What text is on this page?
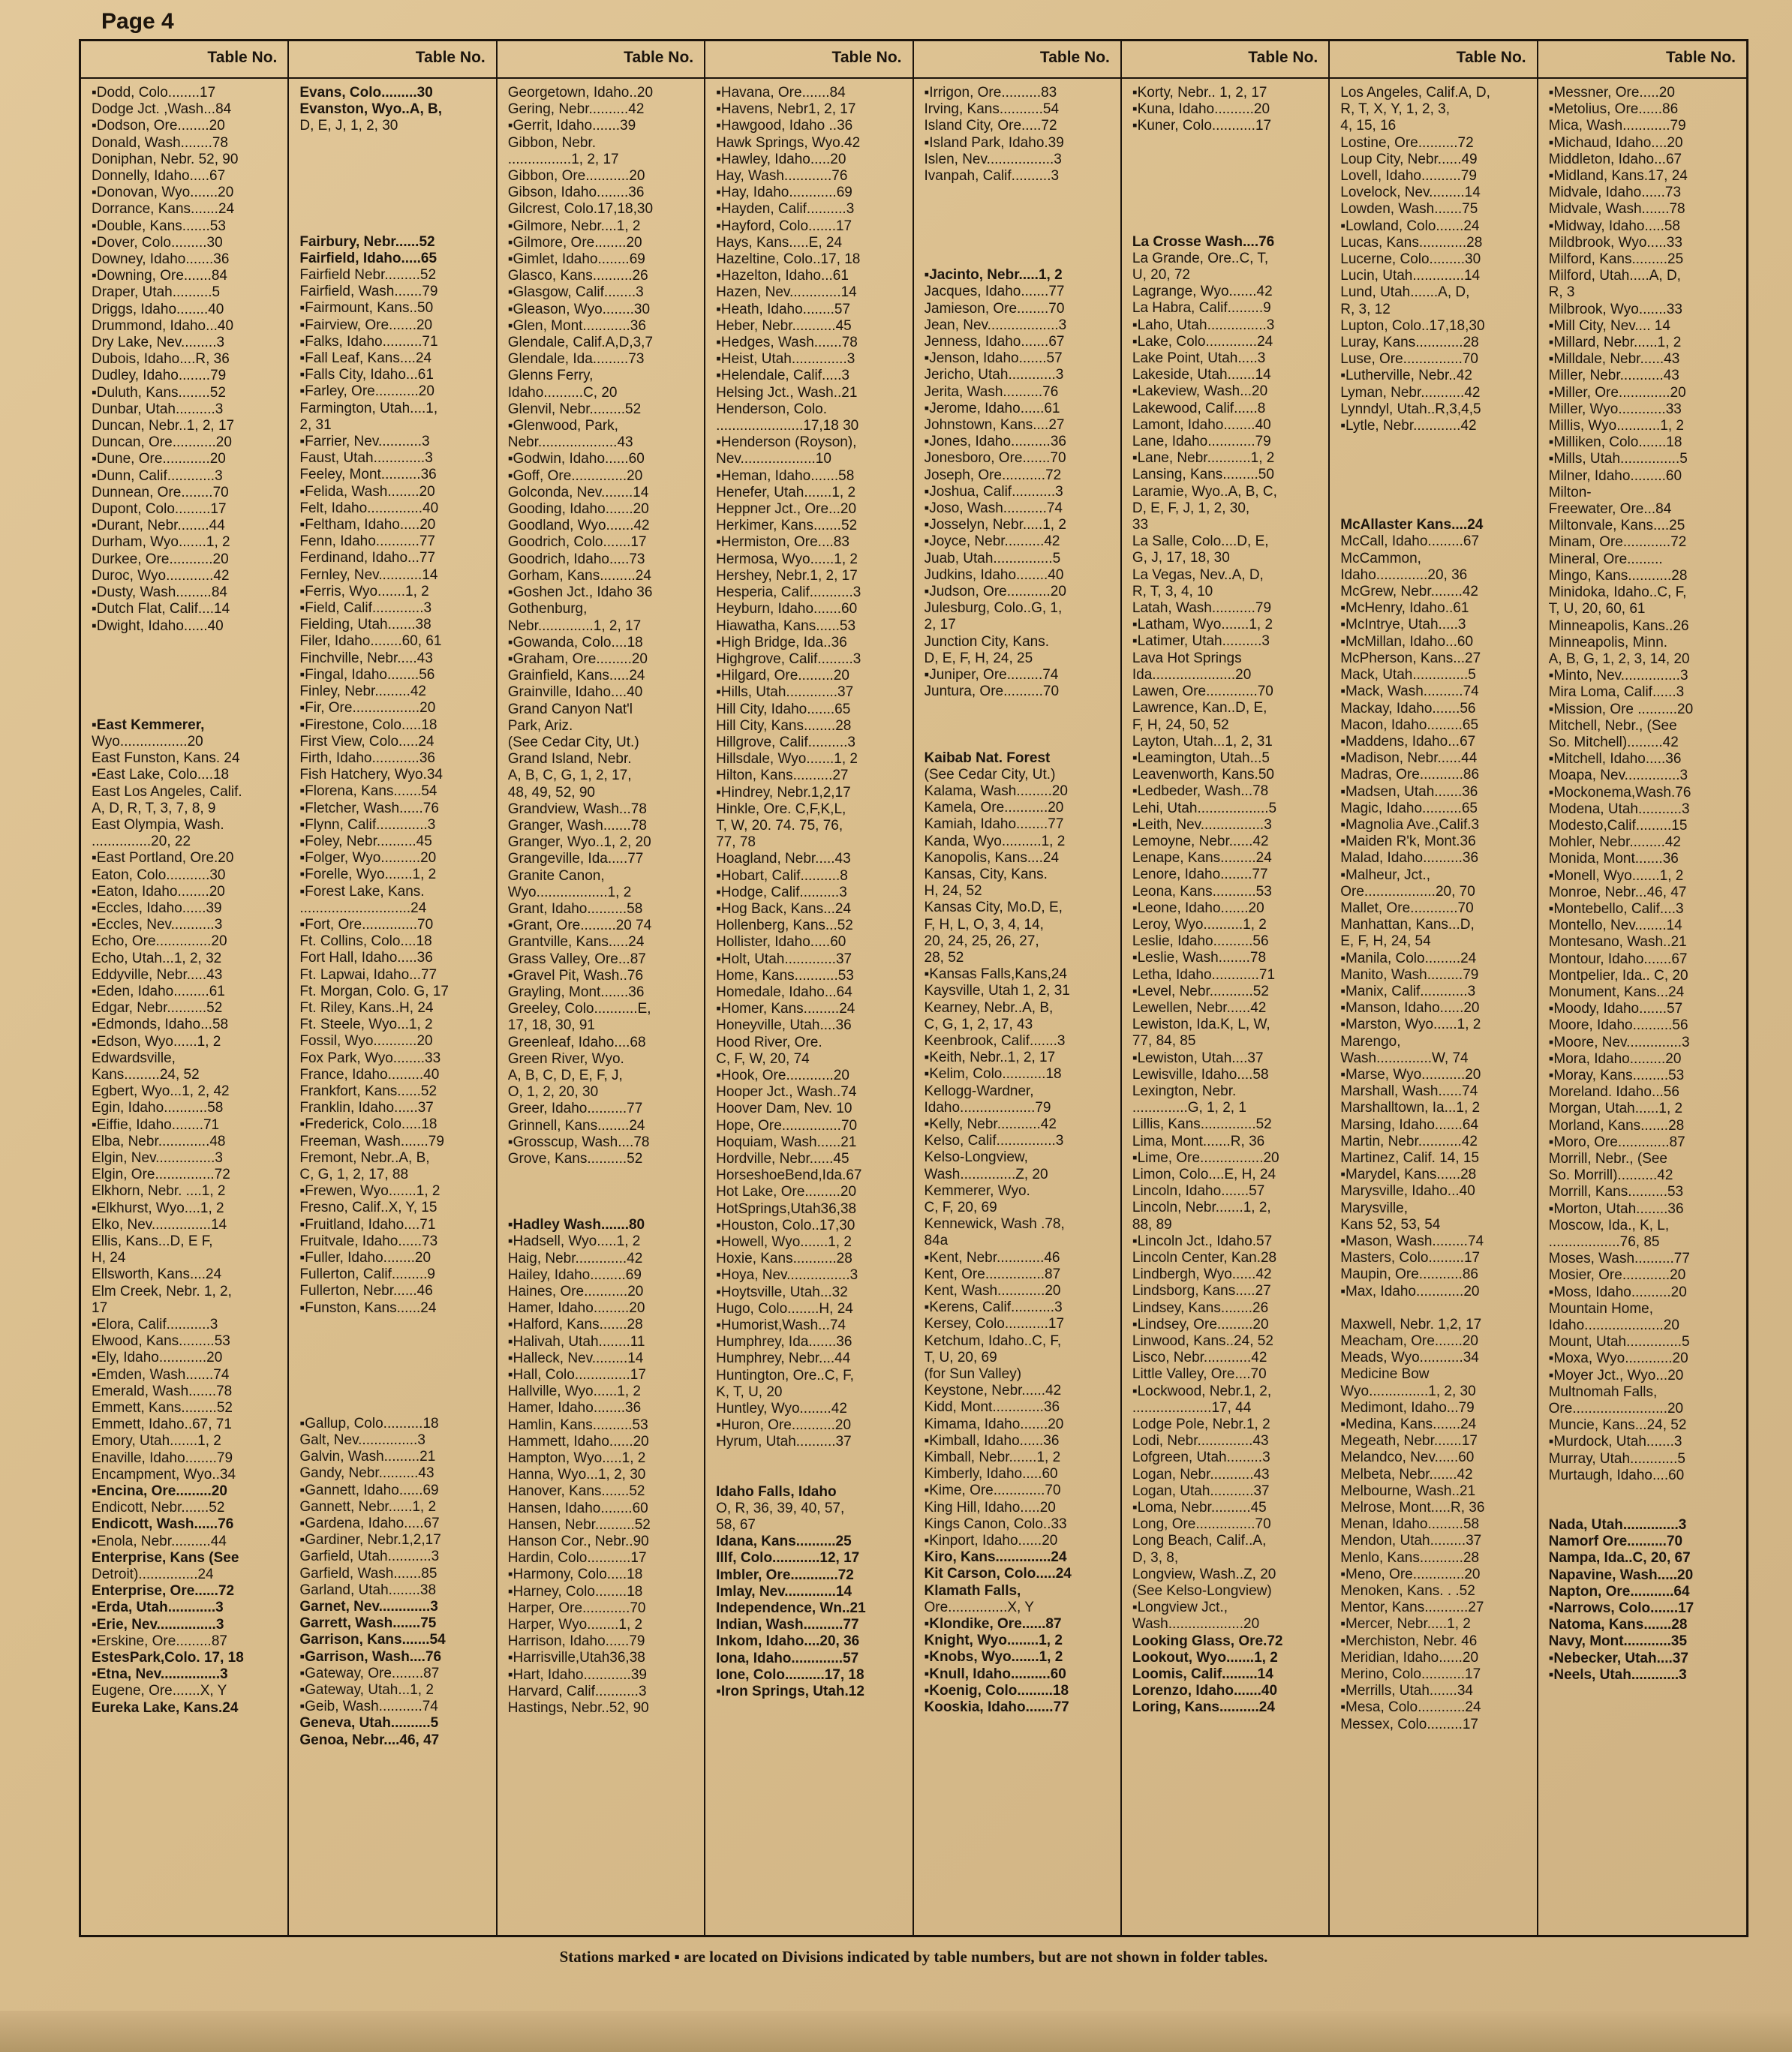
Page 4
Table No.
▪Dodd, Colo........17
Dodge Jct. ,Wash...84
▪Dodson, Ore........20
Donald, Wash........78
Doniphan, Nebr. 52, 90
Donnelly, Idaho.....67
▪Donovan, Wyo.......20
Dorrance, Kans.......24
▪Double, Kans.......53
▪Dover, Colo.........30
Downey, Idaho.......36
▪Downing, Ore.......84
Draper, Utah..........5
Driggs, Idaho........40
Drummond, Idaho...40
Dry Lake, Nev.........3
Dubois, Idaho....R, 36
Dudley, Idaho........79
▪Duluth, Kans........52
Dunbar, Utah..........3
Duncan, Nebr..1, 2, 17
Duncan, Ore...........20
▪Dune, Ore............20
▪Dunn, Calif............3
Dunnean, Ore........70
Dupont, Colo.........17
▪Durant, Nebr........44
Durham, Wyo.......1, 2
Durkee, Ore...........20
Duroc, Wyo............42
▪Dusty, Wash.........84
▪Dutch Flat, Calif....14
▪Dwight, Idaho......40
▪East Kemmerer,
Wyo.................20
East Funston, Kans. 24
▪East Lake, Colo....18
East Los Angeles, Calif.
A, D, R, T, 3, 7, 8, 9
East Olympia, Wash.
...............20, 22
▪East Portland, Ore.20
Eaton, Colo...........30
▪Eaton, Idaho........20
▪Eccles, Idaho......39
▪Eccles, Nev...........3
Echo, Ore..............20
Echo, Utah...1, 2, 32
Eddyville, Nebr.....43
▪Eden, Idaho.........61
Edgar, Nebr..........52
▪Edmonds, Idaho...58
▪Edson, Wyo......1, 2
Edwardsville,
Kans.........24, 52
Egbert, Wyo...1, 2, 42
Egin, Idaho...........58
▪Eiffie, Idaho........71
Elba, Nebr.............48
Elgin, Nev...............3
Elgin, Ore...............72
Elkhorn, Nebr. ....1, 2
▪Elkhurst, Wyo....1, 2
Elko, Nev...............14
Ellis, Kans...D, E F,
H, 24
Ellsworth, Kans....24
Elm Creek, Nebr. 1, 2,
17
▪Elora, Calif...........3
Elwood, Kans.........53
▪Ely, Idaho............20
▪Emden, Wash.......74
Emerald, Wash.......78
Emmett, Kans.........52
Emmett, Idaho..67, 71
Emory, Utah.......1, 2
Enaville, Idaho........79
Encampment, Wyo..34
▪Encina, Ore.........20
Endicott, Nebr.......52
Endicott, Wash......76
▪Enola, Nebr..........44
Enterprise, Kans (See
Detroit)...............24
Enterprise, Ore......72
▪Erda, Utah............3
▪Erie, Nev...............3
▪Erskine, Ore.........87
EstesPark,Colo. 17, 18
▪Etna, Nev...............3
Eugene, Ore.......X, Y
Eureka Lake, Kans.24
Table No.
Evans, Colo.........30
Evanston, Wyo..A, B,
D, E, J, 1, 2, 30
Fairbury, Nebr......52
Fairfield, Idaho.....65
Fairfield Nebr.........52
Fairfield, Wash.......79
▪Fairmount, Kans..50
▪Fairview, Ore.......20
▪Falks, Idaho..........71
▪Fall Leaf, Kans....24
▪Falls City, Idaho...61
▪Farley, Ore...........20
Farmington, Utah....1,
2, 31
▪Farrier, Nev...........3
Faust, Utah.............3
Feeley, Mont..........36
▪Felida, Wash........20
Felt, Idaho..............40
▪Feltham, Idaho.....20
Fenn, Idaho...........77
Ferdinand, Idaho...77
Fernley, Nev...........14
▪Ferris, Wyo.......1, 2
▪Field, Calif.............3
Fielding, Utah.......38
Filer, Idaho........60, 61
Finchville, Nebr.....43
▪Fingal, Idaho........56
Finley, Nebr.........42
▪Fir, Ore.................20
▪Firestone, Colo.....18
First View, Colo.....24
Firth, Idaho............36
Fish Hatchery, Wyo.34
▪Florena, Kans.......54
▪Fletcher, Wash......76
▪Flynn, Calif.............3
▪Foley, Nebr..........45
▪Folger, Wyo..........20
▪Forelle, Wyo.......1, 2
▪Forest Lake, Kans.
............................24
▪Fort, Ore..............70
Ft. Collins, Colo....18
Fort Hall, Idaho.....36
Ft. Lapwai, Idaho...77
Ft. Morgan, Colo. G, 17
Ft. Riley, Kans..H, 24
Ft. Steele, Wyo...1, 2
Fossil, Wyo...........20
Fox Park, Wyo........33
France, Idaho.........40
Frankfort, Kans......52
Franklin, Idaho......37
▪Frederick, Colo.....18
Freeman, Wash.......79
Fremont, Nebr..A, B,
C, G, 1, 2, 17, 88
▪Frewen, Wyo.......1, 2
Fresno, Calif..X, Y, 15
▪Fruitland, Idaho....71
Fruitvale, Idaho......73
▪Fuller, Idaho........20
Fullerton, Calif.........9
Fullerton, Nebr......46
▪Funston, Kans......24
▪Gallup, Colo..........18
Galt, Nev...............3
Galvin, Wash.........21
Gandy, Nebr..........43
▪Gannett, Idaho......69
Gannett, Nebr......1, 2
▪Gardena, Idaho.....67
▪Gardiner, Nebr.1,2,17
Garfield, Utah...........3
Garfield, Wash.......85
Garland, Utah........38
Garnet, Nev.............3
Garrett, Wash.......75
Garrison, Kans.......54
▪Garrison, Wash....76
▪Gateway, Ore........87
▪Gateway, Utah...1, 2
▪Geib, Wash...........74
Geneva, Utah..........5
Genoa, Nebr....46, 47
Table No.
Georgetown, Idaho..20
Gering, Nebr..........42
▪Gerrit, Idaho.......39
Gibbon, Nebr.
................1, 2, 17
Gibbon, Ore...........20
Gibson, Idaho........36
Gilcrest, Colo.17,18,30
▪Gilmore, Nebr....1, 2
▪Gilmore, Ore........20
▪Gimlet, Idaho........69
Glasco, Kans..........26
▪Glasgow, Calif........3
▪Gleason, Wyo........30
▪Glen, Mont............36
Glendale, Calif.A,D,3,7
Glendale, Ida.........73
Glenns Ferry,
Idaho..........C, 20
Glenvil, Nebr.........52
▪Glenwood, Park,
Nebr....................43
▪Godwin, Idaho......60
▪Goff, Ore..............20
Golconda, Nev........14
Gooding, Idaho.......20
Goodland, Wyo.......42
Goodrich, Colo.......17
Goodrich, Idaho.....73
Gorham, Kans.........24
▪Goshen Jct., Idaho 36
Gothenburg,
Nebr..............1, 2, 17
▪Gowanda, Colo....18
▪Graham, Ore.........20
Grainfield, Kans.....24
Grainville, Idaho....40
Grand Canyon Nat'l
Park, Ariz.
(See Cedar City, Ut.)
Grand Island, Nebr.
A, B, C, G, 1, 2, 17,
48, 49, 52, 90
Grandview, Wash...78
Granger, Wash.......78
Granger, Wyo..1, 2, 20
Grangeville, Ida.....77
Granite Canon,
Wyo..................1, 2
Grant, Idaho..........58
▪Grant, Ore.........20 74
Grantville, Kans.....24
Grass Valley, Ore...87
▪Gravel Pit, Wash..76
Grayling, Mont.......36
Greeley, Colo...........E,
17, 18, 30, 91
Greenleaf, Idaho....68
Green River, Wyo.
A, B, C, D, E, F, J,
O, 1, 2, 20, 30
Greer, Idaho..........77
Grinnell, Kans........24
▪Grosscup, Wash....78
Grove, Kans..........52
▪Hadley Wash.......80
▪Hadsell, Wyo.....1, 2
Haig, Nebr.............42
Hailey, Idaho.........69
Haines, Ore...........20
Hamer, Idaho.........20
▪Halford, Kans.......28
▪Halivah, Utah........11
▪Halleck, Nev.........14
▪Hall, Colo..............17
Hallville, Wyo......1, 2
Hamer, Idaho........36
Hamlin, Kans..........53
Hammett, Idaho......20
Hampton, Wyo.....1, 2
Hanna, Wyo...1, 2, 30
Hanover, Kans.......52
Hansen, Idaho........60
Hansen, Nebr..........52
Hanson Cor., Nebr..90
Hardin, Colo...........17
▪Harmony, Colo.....18
▪Harney, Colo........18
Harper, Ore............70
Harper, Wyo........1, 2
Harrison, Idaho......79
▪Harrisville,Utah36,38
▪Hart, Idaho............39
Harvard, Calif...........3
Hastings, Nebr..52, 90
Table No.
▪Havana, Ore.......84
▪Havens, Nebr1, 2, 17
▪Hawgood, Idaho ..36
Hawk Springs, Wyo.42
▪Hawley, Idaho.....20
Hay, Wash............76
▪Hay, Idaho............69
▪Hayden, Calif..........3
▪Hayford, Colo.......17
Hays, Kans.....E, 24
Hazeltine, Colo..17, 18
▪Hazelton, Idaho...61
Hazen, Nev.............14
▪Heath, Idaho........57
Heber, Nebr...........45
▪Hedges, Wash.......78
▪Heist, Utah..............3
▪Helendale, Calif.....3
Helsing Jct., Wash..21
Henderson, Colo.
......................17,18 30
▪Henderson (Royson),
Nev...................10
▪Heman, Idaho.......58
Henefer, Utah.......1, 2
Heppner Jct., Ore...20
Herkimer, Kans.......52
▪Hermiston, Ore....83
Hermosa, Wyo......1, 2
Hershey, Nebr.1, 2, 17
Hesperia, Calif...........3
Heyburn, Idaho.......60
Hiawatha, Kans......53
▪High Bridge, Ida..36
Highgrove, Calif.........3
▪Hilgard, Ore.........20
▪Hills, Utah.............37
Hill City, Idaho.......65
Hill City, Kans........28
Hillgrove, Calif..........3
Hillsdale, Wyo.......1, 2
Hilton, Kans..........27
▪Hindrey, Nebr.1,2,17
Hinkle, Ore. C,F,K,L,
T, W, 20. 74. 75, 76,
77, 78
Hoagland, Nebr.....43
▪Hobart, Calif..........8
▪Hodge, Calif..........3
▪Hog Back, Kans...24
Hollenberg, Kans...52
Hollister, Idaho.....60
▪Holt, Utah.............37
Home, Kans...........53
Homedale, Idaho...64
▪Homer, Kans.........24
Honeyville, Utah....36
Hood River, Ore.
C, F, W, 20, 74
▪Hook, Ore............20
Hooper Jct., Wash..74
Hoover Dam, Nev. 10
Hope, Ore...............70
Hoquiam, Wash......21
Hordville, Nebr......45
HorseshoeBend,Ida.67
Hot Lake, Ore.........20
HotSprings,Utah36,38
▪Houston, Colo..17,30
▪Howell, Wyo.......1, 2
Hoxie, Kans...........28
▪Hoya, Nev................3
▪Hoytsville, Utah...32
Hugo, Colo........H, 24
▪Humorist,Wash...74
Humphrey, Ida.......36
Humphrey, Nebr....44
Huntington, Ore..C, F,
K, T, U, 20
Huntley, Wyo........42
▪Huron, Ore...........20
Hyrum, Utah..........37
Idaho Falls, Idaho
O, R, 36, 39, 40, 57,
58, 67
Idana, Kans..........25
Illf, Colo............12, 17
Imbler, Ore............72
Imlay, Nev.............14
Independence, Wn..21
Indian, Wash..........77
Inkom, Idaho....20, 36
Iona, Idaho.............57
Ione, Colo..........17, 18
▪Iron Springs, Utah.12
Table No.
▪Irrigon, Ore..........83
Irving, Kans...........54
Island City, Ore.....72
▪Island Park, Idaho.39
Islen, Nev.................3
Ivanpah, Calif..........3
▪Jacinto, Nebr.....1, 2
Jacques, Idaho.......77
Jamieson, Ore........70
Jean, Nev..................3
Jenness, Idaho.......67
▪Jenson, Idaho.......57
Jericho, Utah............3
Jerita, Wash..........76
▪Jerome, Idaho......61
Johnstown, Kans....27
▪Jones, Idaho..........36
Jonesboro, Ore.......70
Joseph, Ore...........72
▪Joshua, Calif...........3
▪Joso, Wash...........74
▪Josselyn, Nebr.....1, 2
▪Joyce, Nebr..........42
Juab, Utah...............5
Judkins, Idaho........40
▪Judson, Ore...........20
Julesburg, Colo..G, 1,
2, 17
Junction City, Kans.
D, E, F, H, 24, 25
▪Juniper, Ore.........74
Juntura, Ore..........70
Kaibab Nat. Forest
(See Cedar City, Ut.)
Kalama, Wash.........20
Kamela, Ore...........20
Kamiah, Idaho........77
Kanda, Wyo..........1, 2
Kanopolis, Kans....24
Kansas, City, Kans.
H, 24, 52
Kansas City, Mo.D, E,
F, H, L, O, 3, 4, 14,
20, 24, 25, 26, 27,
28, 52
▪Kansas Falls,Kans,24
Kaysville, Utah 1, 2, 31
Kearney, Nebr..A, B,
C, G, 1, 2, 17, 43
Keenbrook, Calif.......3
▪Keith, Nebr..1, 2, 17
▪Kelim, Colo...........18
Kellogg-Wardner,
Idaho...................79
▪Kelly, Nebr...........42
Kelso, Calif...............3
Kelso-Longview,
Wash..............Z, 20
Kemmerer, Wyo.
C, F, 20, 69
Kennewick, Wash .78,
84a
▪Kent, Nebr............46
Kent, Ore...............87
Kent, Wash............20
▪Kerens, Calif...........3
Kersey, Colo...........17
Ketchum, Idaho..C, F,
T, U, 20, 69
(for Sun Valley)
Keystone, Nebr......42
Kidd, Mont.............36
Kimama, Idaho.......20
▪Kimball, Idaho......36
Kimball, Nebr.......1, 2
Kimberly, Idaho.....60
▪Kime, Ore.............70
King Hill, Idaho.....20
Kings Canon, Colo..33
▪Kinport, Idaho......20
Kiro, Kans..............24
Kit Carson, Colo.....24
Klamath Falls,
Ore...............X, Y
▪Klondike, Ore......87
Knight, Wyo........1, 2
▪Knobs, Wyo.......1, 2
▪Knull, Idaho..........60
▪Koenig, Colo.........18
Kooskia, Idaho.......77
Table No.
▪Korty, Nebr.. 1, 2, 17
▪Kuna, Idaho..........20
▪Kuner, Colo...........17
La Crosse Wash....76
La Grande, Ore..C, T,
U, 20, 72
Lagrange, Wyo.......42
La Habra, Calif.........9
▪Laho, Utah...............3
▪Lake, Colo.............24
Lake Point, Utah.....3
Lakeside, Utah.......14
▪Lakeview, Wash...20
Lakewood, Calif......8
Lamont, Idaho........40
Lane, Idaho............79
▪Lane, Nebr...........1, 2
Lansing, Kans.........50
Laramie, Wyo..A, B, C,
D, E, F, J, 1, 2, 30,
33
La Salle, Colo....D, E,
G, J, 17, 18, 30
La Vegas, Nev..A, D,
R, T, 3, 4, 10
Latah, Wash...........79
▪Latham, Wyo.......1, 2
▪Latimer, Utah..........3
Lava Hot Springs
Ida.....................20
Lawen, Ore.............70
Lawrence, Kan..D, E,
F, H, 24, 50, 52
Layton, Utah...1, 2, 31
▪Leamington, Utah...5
Leavenworth, Kans.50
▪Ledbeder, Wash...78
Lehi, Utah..................5
▪Leith, Nev................3
Lemoyne, Nebr......42
Lenape, Kans.........24
Lenore, Idaho........77
Leona, Kans...........53
▪Leone, Idaho.......20
Leroy, Wyo..........1, 2
Leslie, Idaho..........56
▪Leslie, Wash........78
Letha, Idaho............71
▪Level, Nebr...........52
Lewellen, Nebr......42
Lewiston, Ida.K, L, W,
77, 84, 85
▪Lewiston, Utah....37
Lewisville, Idaho....58
Lexington, Nebr.
..............G, 1, 2, 1
Lillis, Kans..............52
Lima, Mont.......R, 36
▪Lime, Ore................20
Limon, Colo....E, H, 24
Lincoln, Idaho.......57
Lincoln, Nebr.......1, 2,
88, 89
▪Lincoln Jct., Idaho.57
Lincoln Center, Kan.28
Lindbergh, Wyo......42
Lindsborg, Kans.....27
Lindsey, Kans........26
▪Lindsey, Ore.........20
Linwood, Kans..24, 52
Lisco, Nebr............42
Little Valley, Ore....70
▪Lockwood, Nebr.1, 2,
....................17, 44
Lodge Pole, Nebr.1, 2
Lodi, Nebr..............43
Lofgreen, Utah.........3
Logan, Nebr...........43
Logan, Utah...........37
▪Loma, Nebr..........45
Long, Ore...............70
Long Beach, Calif..A,
D, 3, 8,
Longview, Wash..Z, 20
(See Kelso-Longview)
▪Longview Jct.,
Wash...................20
Looking Glass, Ore.72
Lookout, Wyo.......1, 2
Loomis, Calif.........14
Lorenzo, Idaho.......40
Loring, Kans..........24
Table No.
Los Angeles, Calif.A, D,
R, T, X, Y, 1, 2, 3,
4, 15, 16
Lostine, Ore..........72
Loup City, Nebr......49
Lovell, Idaho..........79
Lovelock, Nev.........14
Lowden, Wash.......75
▪Lowland, Colo.......24
Lucas, Kans............28
Lucerne, Colo.........30
Lucin, Utah.............14
Lund, Utah.......A, D,
R, 3, 12
Lupton, Colo..17,18,30
Luray, Kans............28
Luse, Ore...............70
▪Lutherville, Nebr..42
Lyman, Nebr...........42
Lynndyl, Utah..R,3,4,5
▪Lytle, Nebr............42
McAllaster Kans....24
McCall, Idaho.........67
McCammon,
Idaho.............20, 36
McGrew, Nebr........42
▪McHenry, Idaho..61
▪McIntrye, Utah.....3
▪McMillan, Idaho...60
McPherson, Kans...27
Mack, Utah..............5
▪Mack, Wash..........74
Mackay, Idaho.......56
Macon, Idaho.........65
▪Maddens, Idaho...67
▪Madison, Nebr......44
Madras, Ore...........86
▪Madsen, Utah.......36
Magic, Idaho..........65
▪Magnolia Ave.,Calif.3
▪Maiden R'k, Mont.36
Malad, Idaho..........36
▪Malheur, Jct.,
Ore..................20, 70
Mallet, Ore............70
Manhattan, Kans...D,
E, F, H, 24, 54
▪Manila, Colo.........24
Manito, Wash.........79
▪Manix, Calif............3
▪Manson, Idaho......20
▪Marston, Wyo......1, 2
Marengo,
Wash..............W, 74
▪Marse, Wyo...........20
Marshall, Wash......74
Marshalltown, Ia...1, 2
Marsing, Idaho.......64
Martin, Nebr...........42
Martinez, Calif. 14, 15
▪Marydel, Kans......28
Marysville, Idaho...40
Marysville,
Kans 52, 53, 54
▪Mason, Wash.........74
Masters, Colo.........17
Maupin, Ore...........86
▪Max, Idaho............20
Maxwell, Nebr. 1,2, 17
Meacham, Ore.......20
Meads, Wyo...........34
Medicine Bow
Wyo...............1, 2, 30
Medimont, Idaho...79
▪Medina, Kans.......24
Megeath, Nebr.......17
Melandco, Nev......60
Melbeta, Nebr.......42
Melbourne, Wash..21
Melrose, Mont.....R, 36
Menan, Idaho.........58
Mendon, Utah.........37
Menlo, Kans...........28
▪Meno, Ore.............20
Menoken, Kans. . .52
Mentor, Kans...........27
▪Mercer, Nebr.....1, 2
▪Merchiston, Nebr. 46
Meridian, Idaho......20
Merino, Colo...........17
▪Merrills, Utah.......34
▪Mesa, Colo............24
Messex, Colo.........17
Table No.
▪Messner, Ore.....20
▪Metolius, Ore......86
Mica, Wash............79
▪Michaud, Idaho....20
Middleton, Idaho...67
▪Midland, Kans.17, 24
Midvale, Idaho......73
Midvale, Wash.......78
▪Midway, Idaho.....58
Mildbrook, Wyo.....33
Milford, Kans.........25
Milford, Utah.....A, D,
R, 3
Milbrook, Wyo.......33
▪Mill City, Nev.... 14
▪Millard, Nebr......1, 2
▪Milldale, Nebr......43
Miller, Nebr...........43
▪Miller, Ore.............20
Miller, Wyo............33
Millis, Wyo...........1, 2
▪Milliken, Colo.......18
▪Mills, Utah...............5
Milner, Idaho.........60
Milton-
Freewater, Ore...84
Miltonvale, Kans....25
Minam, Ore............72
Mineral, Ore.........
Mingo, Kans...........28
Minidoka, Idaho..C, F,
T, U, 20, 60, 61
Minneapolis, Kans..26
Minneapolis, Minn.
A, B, G, 1, 2, 3, 14, 20
▪Minto, Nev...............3
Mira Loma, Calif......3
▪Mission, Ore ..........20
Mitchell, Nebr., (See
So. Mitchell).........42
▪Mitchell, Idaho.....36
Moapa, Nev..............3
▪Mockonema,Wash.76
Modena, Utah...........3
Modesto,Calif.........15
Mohler, Nebr.........42
Monida, Mont.......36
▪Monell, Wyo.......1, 2
Monroe, Nebr...46, 47
▪Montebello, Calif....3
Montello, Nev........14
Montesano, Wash..21
Montour, Idaho.......67
Montpelier, Ida.. C, 20
Monument, Kans...24
▪Moody, Idaho.......57
Moore, Idaho..........56
▪Moore, Nev..............3
▪Mora, Idaho.........20
▪Moray, Kans.........53
Moreland. Idaho...56
Morgan, Utah......1, 2
Morland, Kans.......28
▪Moro, Ore.............87
Morrill, Nebr., (See
So. Morrill)..........42
Morrill, Kans..........53
▪Morton, Utah........36
Moscow, Ida., K, L,
..................76, 85
Moses, Wash..........77
Mosier, Ore............20
▪Moss, Idaho..........20
Mountain Home,
Idaho....................20
Mount, Utah..............5
▪Moxa, Wyo............20
▪Moyer Jct., Wyo...20
Multnomah Falls,
Ore........................20
Muncie, Kans...24, 52
▪Murdock, Utah.......3
Murray, Utah............5
Murtaugh, Idaho....60
Nada, Utah..............3
Namorf Ore..........70
Nampa, Ida..C, 20, 67
Napavine, Wash.....20
Napton, Ore...........64
▪Narrows, Colo.......17
Natoma, Kans.......28
Navy, Mont............35
▪Nebecker, Utah....37
▪Neels, Utah............3
Stations marked ▪ are located on Divisions indicated by table numbers, but are not shown in folder tables.
